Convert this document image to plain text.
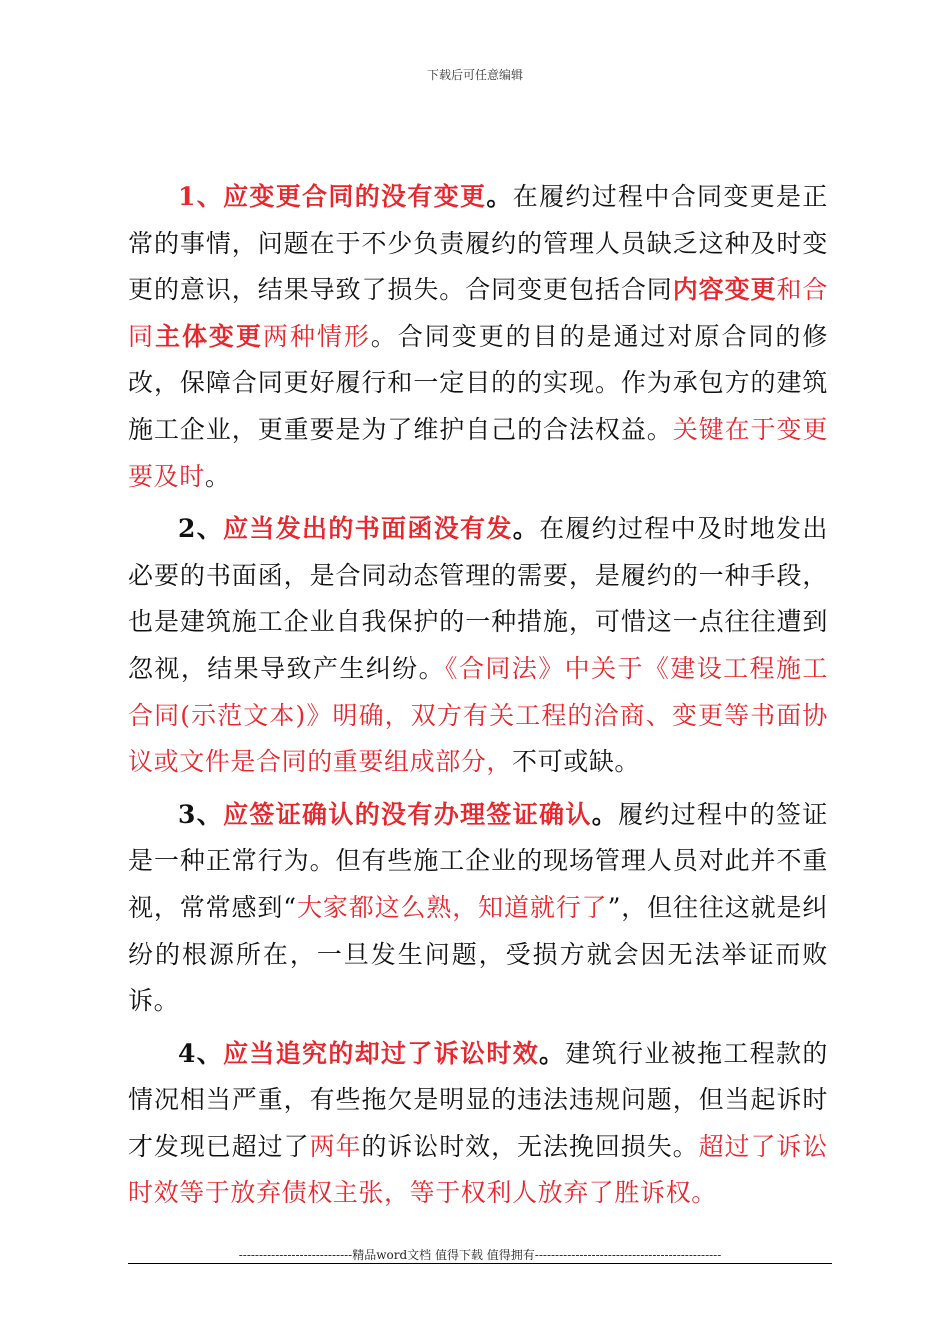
下载后可任意编辑

1、应变更合同的没有变更。在履约过程中合同变更是正常的事情，问题在于不少负责履约的管理人员缺乏这种及时变更的意识，结果导致了损失。合同变更包括合同内容变更和合同主体变更两种情形。合同变更的目的是通过对原合同的修改，保障合同更好履行和一定目的的实现。作为承包方的建筑施工企业，更重要是为了维护自己的合法权益。关键在于变更要及时。

2、应当发出的书面函没有发。在履约过程中及时地发出必要的书面函，是合同动态管理的需要，是履约的一种手段，也是建筑施工企业自我保护的一种措施，可惜这一点往往遭到忽视，结果导致产生纠纷。《合同法》中关于《建设工程施工合同(示范文本)》明确，双方有关工程的洽商、变更等书面协议或文件是合同的重要组成部分，不可或缺。

3、应签证确认的没有办理签证确认。履约过程中的签证是一种正常行为。但有些施工企业的现场管理人员对此并不重视，常常感到“大家都这么熟，知道就行了”，但往往这就是纠纷的根源所在，一旦发生问题，受损方就会因无法举证而败诉。

4、应当追究的却过了诉讼时效。建筑行业被拖工程款的情况相当严重，有些拖欠是明显的违法违规问题，但当起诉时才发现已超过了两年的诉讼时效，无法挽回损失。超过了诉讼时效等于放弃债权主张，等于权利人放弃了胜诉权。

----------------------------精品word文档 值得下载 值得拥有----------------------------------------------
